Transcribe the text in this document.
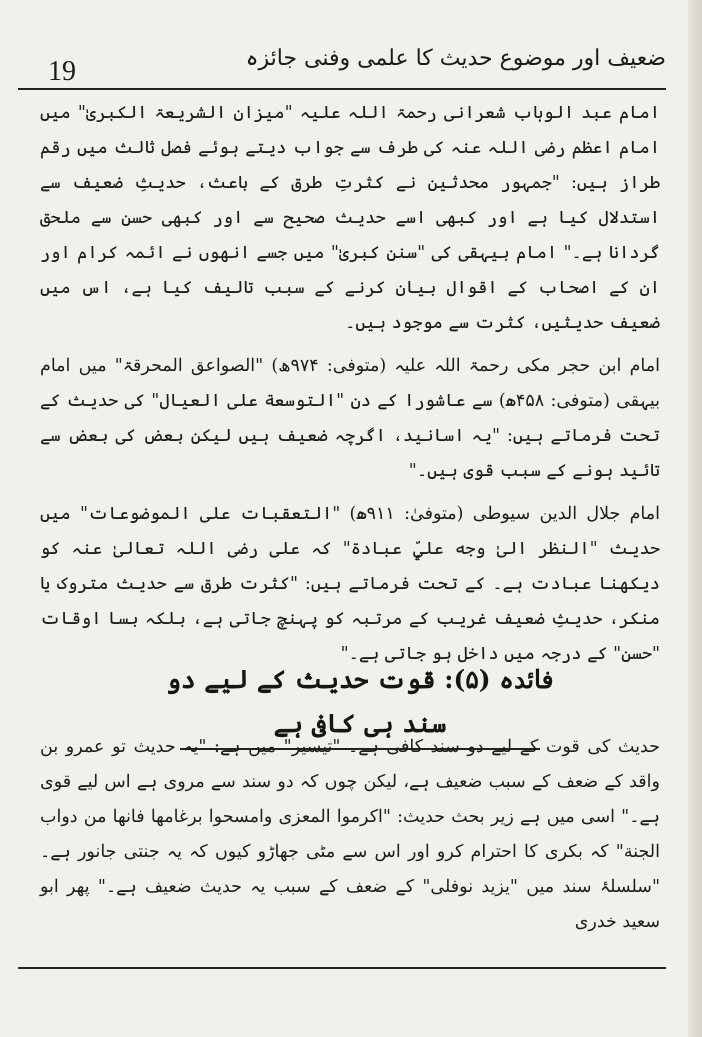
19	ضعیف اور موضوع حدیث کا علمی وفنی جائزہ

امام عبد الوہاب شعرانی رحمۃ اللہ علیہ "میزان الشریعۃ الکبریٰ" میں امام اعظم رضی اللہ عنہ کی طرف سے جواب دیتے ہوئے فصل ثالث میں رقم طراز ہیں: "جمہور محدثین نے کثرتِ طرق کے باعث، حدیثِ ضعیف سے استدلال کیا ہے اور کبھی اسے حدیث صحیح سے اور کبھی حسن سے ملحق گردانا ہے۔" امام بیہقی کی "سنن کبریٰ" میں جسے انھوں نے ائمہ کرام اور ان کے اصحاب کے اقوال بیان کرنے کے سبب تالیف کیا ہے، اس میں ضعیف حدیثیں، کثرت سے موجود ہیں۔

امام ابن حجر مکی رحمۃ اللہ علیہ (متوفی: ۹۷۴ھ) "الصواعق المحرقۃ" میں امام بیہقی (متوفی: ۴۵۸ھ) سے عاشورا کے دن "التوسعة على العيال" کی حدیث کے تحت فرماتے ہیں: "یہ اسانید، اگرچہ ضعیف ہیں لیکن بعض کی بعض سے تائید ہونے کے سبب قوی ہیں۔"

امام جلال الدین سیوطی (متوفیٰ: ۹۱۱ھ) "التعقبات على الموضوعات" میں حدیث "النظر الیٰ وجه عليٍّ عبادة" کہ علی رضی اللہ تعالیٰ عنہ کو دیکھنا عبادت ہے۔ کے تحت فرماتے ہیں: "کثرت طرق سے حدیث متروک یا منکر، حدیثِ ضعیف غریب کے مرتبہ کو پہنچ جاتی ہے، بلکہ بسا اوقات "حسن" کے درجہ میں داخل ہو جاتی ہے۔"

فائدہ (۵): قوت حدیث کے لیے دو سند ہی کافی ہے

حدیث کی قوت کے لیے دو سند کافی ہے۔ "تیسیر" میں ہے: "یہ حدیث تو عمرو بن واقد کے ضعف کے سبب ضعیف ہے، لیکن چوں کہ دو سند سے مروی ہے اس لیے قوی ہے۔" اسی میں ہے زیر بحث حدیث: "اکرموا المعزی وامسحوا برغامها فانها من دواب الجنة" کہ بکری کا احترام کرو اور اس سے مٹی جھاڑو کیوں کہ یہ جنتی جانور ہے۔ "سلسلۂ سند میں "یزید نوفلی" کے ضعف کے سبب یہ حدیث ضعیف ہے۔" پھر ابو سعید خدری
